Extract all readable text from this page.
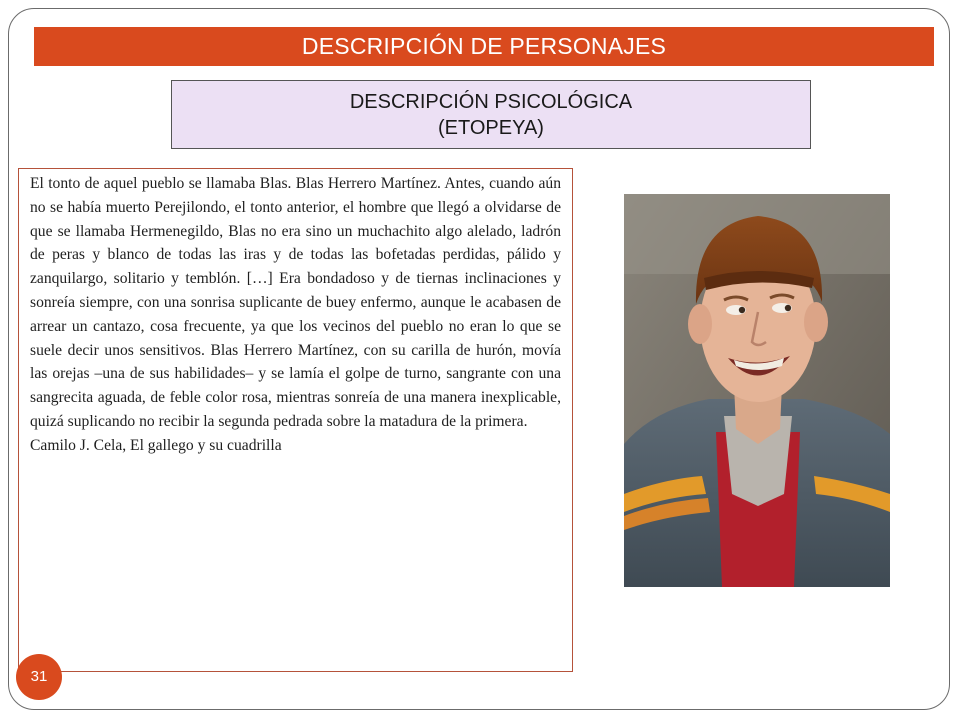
DESCRIPCIÓN DE PERSONAJES
DESCRIPCIÓN PSICOLÓGICA
(ETOPEYA)

El tonto de aquel pueblo se llamaba Blas. Blas Herrero Martínez. Antes, cuando aún no se había muerto Perejilondo, el tonto anterior, el hombre que llegó a olvidarse de que se llamaba Hermenegildo, Blas no era sino un muchachito algo alelado, ladrón de peras y blanco de todas las iras y de todas las bofetadas perdidas, pálido y zanquilargo, solitario y temblón. […] Era bondadoso y de tiernas inclinaciones y sonreía siempre, con una sonrisa suplicante de buey enfermo, aunque le acabasen de arrear un cantazo, cosa frecuente, ya que los vecinos del pueblo no eran lo que se suele decir unos sensitivos. Blas Herrero Martínez, con su carilla de hurón, movía las orejas –una de sus habilidades– y se lamía el golpe de turno, sangrante con una sangrecita aguada, de feble color rosa, mientras sonreía de una manera inexplicable, quizá suplicando no recibir la segunda pedrada sobre la matadura de la primera.

Camilo J. Cela, El gallego y su cuadrilla

31
